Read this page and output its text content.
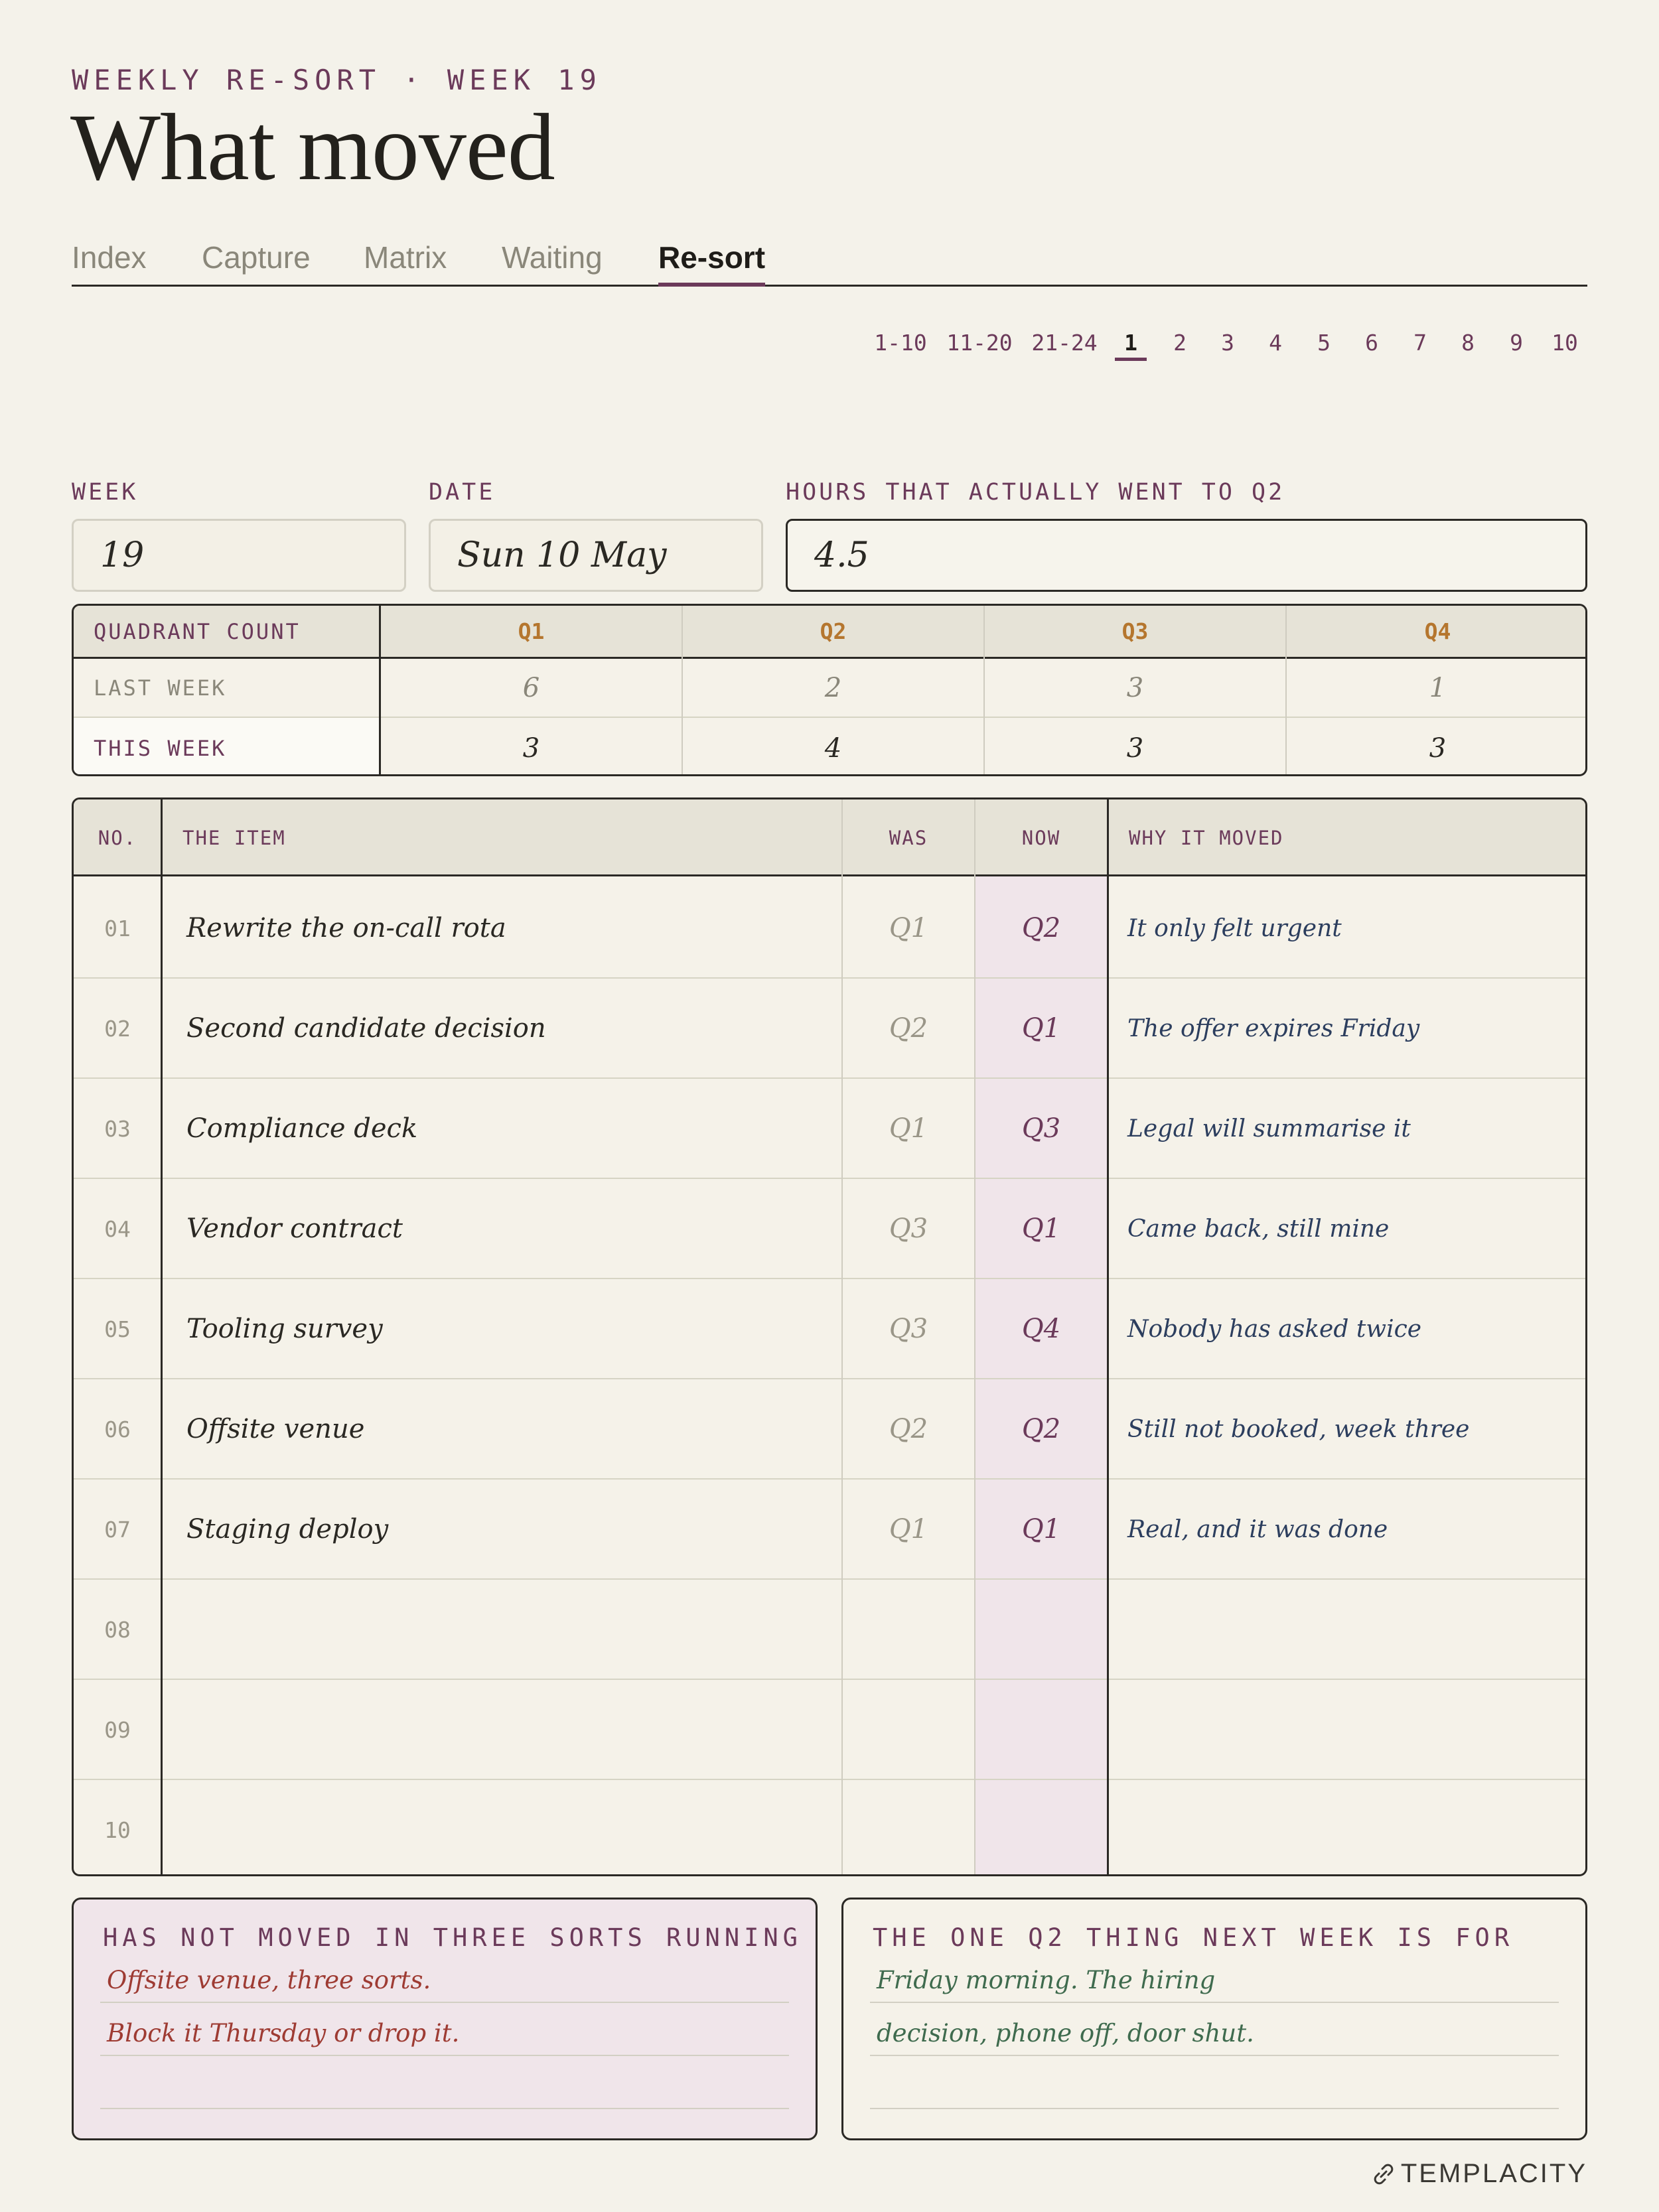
WEEKLY RE-SORT · WEEK 19
What moved
Index Capture Matrix Waiting Re-sort
1-10 11-20 21-24	1	2	3	4	5	6	7	8	9	10
WEEK	DATE	HOURS THAT ACTUALLY WENT TO Q2
19	Sun 10 May	4.5
QUADRANT COUNT	Q1	Q2	Q3	Q4
LAST WEEK	6	2	3	1
THIS WEEK	3	4	3	3
NO.	THE ITEM	WAS	NOW	WHY IT MOVED
01	Rewrite the on-call rota	Q1	Q2	It only felt urgent
02	Second candidate decision	Q2	Q1	The offer expires Friday
03	Compliance deck	Q1	Q3	Legal will summarise it
04	Vendor contract	Q3	Q1	Came back, still mine
05	Tooling survey	Q3	Q4	Nobody has asked twice
06	Offsite venue	Q2	Q2	Still not booked, week three
07	Staging deploy	Q1	Q1	Real, and it was done
08
09
10
HAS NOT MOVED IN THREE SORTS RUNNING
Offsite venue, three sorts.
Block it Thursday or drop it.
THE ONE Q2 THING NEXT WEEK IS FOR
Friday morning. The hiring
decision, phone off, door shut.
TEMPLACITY
